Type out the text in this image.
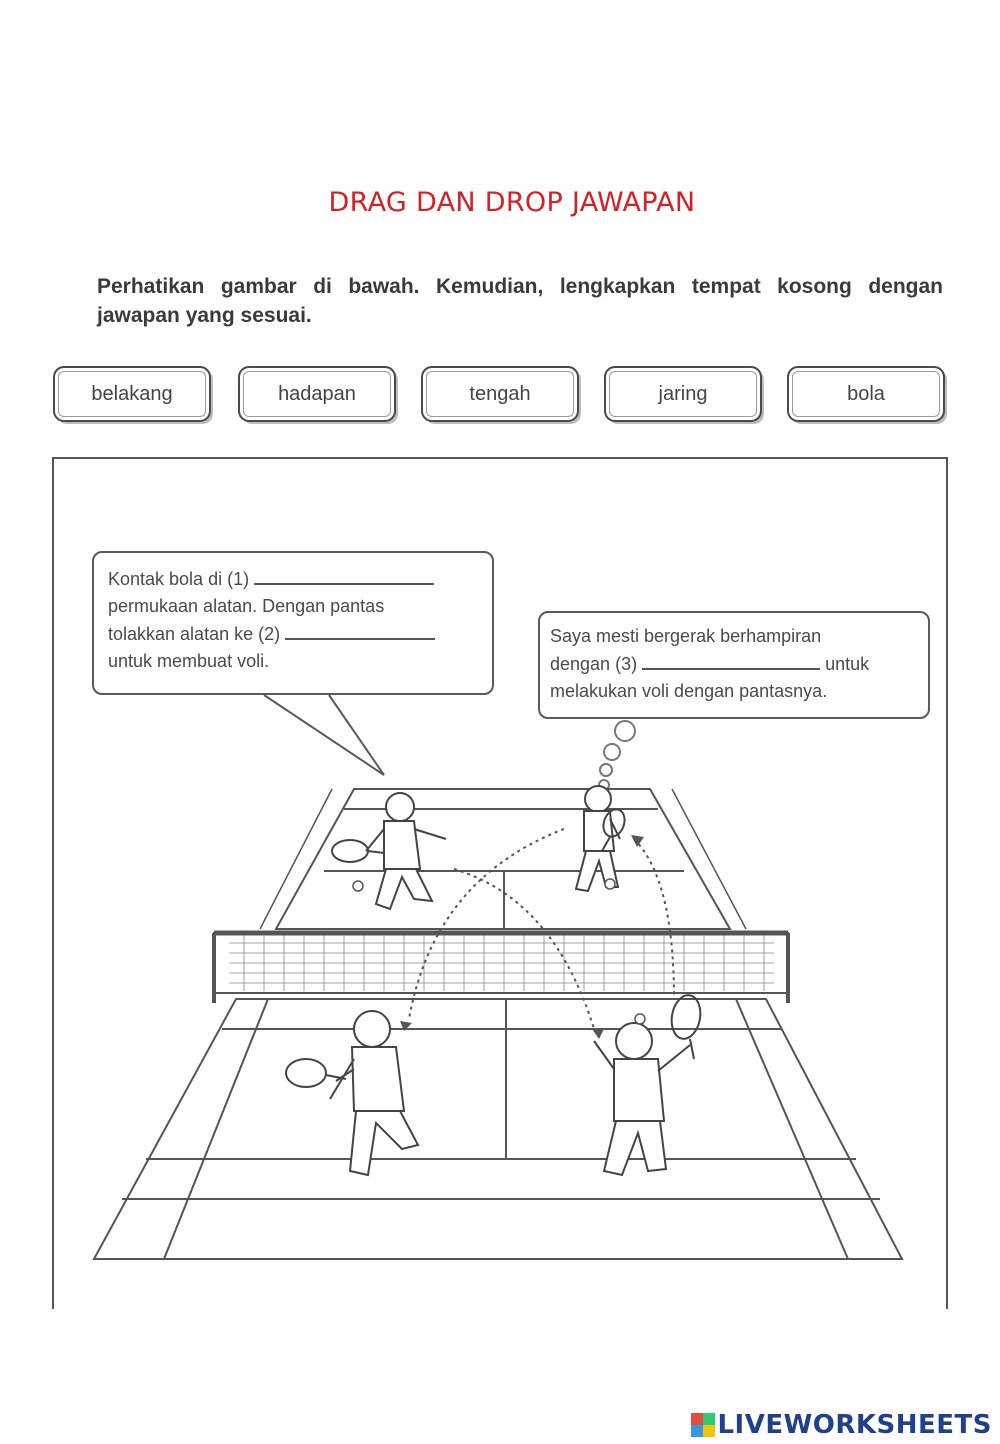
DRAG DAN DROP JAWAPAN
Perhatikan gambar di bawah. Kemudian, lengkapkan tempat kosong dengan jawapan yang sesuai.
belakang	hadapan	tengah	jaring	bola
Kontak bola di (1)
permukaan alatan. Dengan pantas
tolakkan alatan ke (2)
untuk membuat voli.
Saya mesti bergerak berhampiran
dengan (3)	untuk
melakukan voli dengan pantasnya.
LIVEWORKSHEETS
